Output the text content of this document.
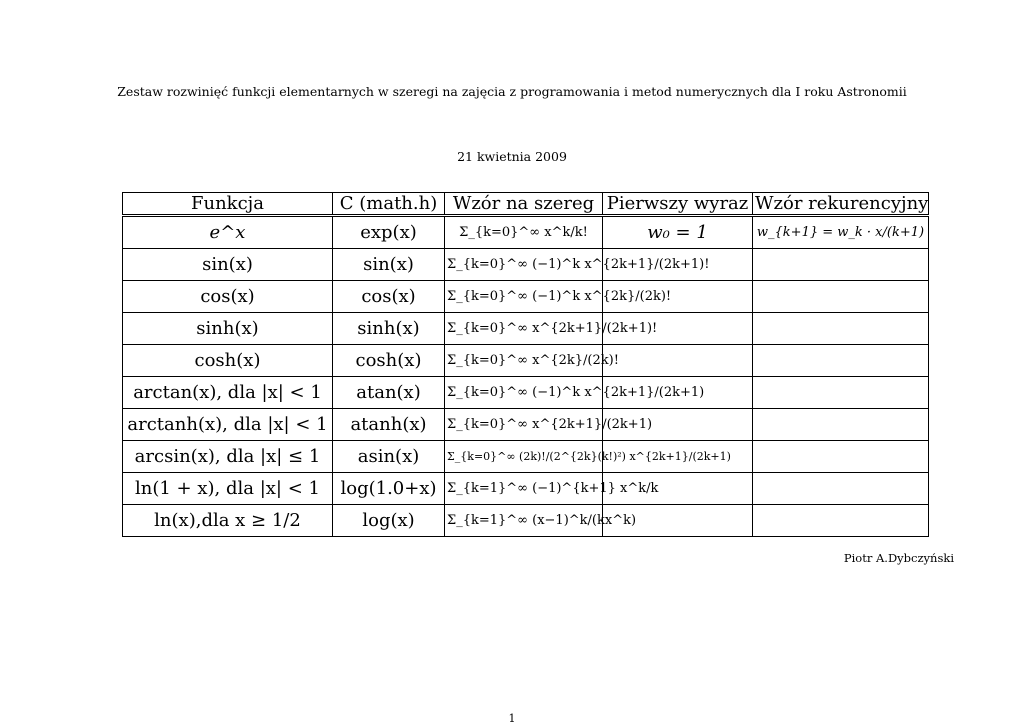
Zestaw rozwinięć funkcji elementarnych w szeregi na zajęcia z programowania i metod numerycznych dla I roku Astronomii
21 kwietnia 2009
Funkcja	C (math.h)	Wzór na szereg	Pierwszy wyraz	Wzór rekurencyjny
e^x	exp(x)	Σ_{k=0}^∞ x^k/k!	w₀ = 1	w_{k+1} = w_k · x/(k+1)
sin(x)	sin(x)	Σ_{k=0}^∞ (−1)^k x^{2k+1}/(2k+1)!		
cos(x)	cos(x)	Σ_{k=0}^∞ (−1)^k x^{2k}/(2k)!		
sinh(x)	sinh(x)	Σ_{k=0}^∞ x^{2k+1}/(2k+1)!		
cosh(x)	cosh(x)	Σ_{k=0}^∞ x^{2k}/(2k)!		
arctan(x), dla |x| < 1	atan(x)	Σ_{k=0}^∞ (−1)^k x^{2k+1}/(2k+1)		
arctanh(x), dla |x| < 1	atanh(x)	Σ_{k=0}^∞ x^{2k+1}/(2k+1)		
arcsin(x), dla |x| ≤ 1	asin(x)	Σ_{k=0}^∞ (2k)!/(2^{2k}(k!)²) x^{2k+1}/(2k+1)		
ln(1 + x), dla |x| < 1	log(1.0+x)	Σ_{k=1}^∞ (−1)^{k+1} x^k/k		
ln(x),dla x ≥ 1/2	log(x)	Σ_{k=1}^∞ (x−1)^k/(kx^k)		
Piotr A.Dybczyński
1
